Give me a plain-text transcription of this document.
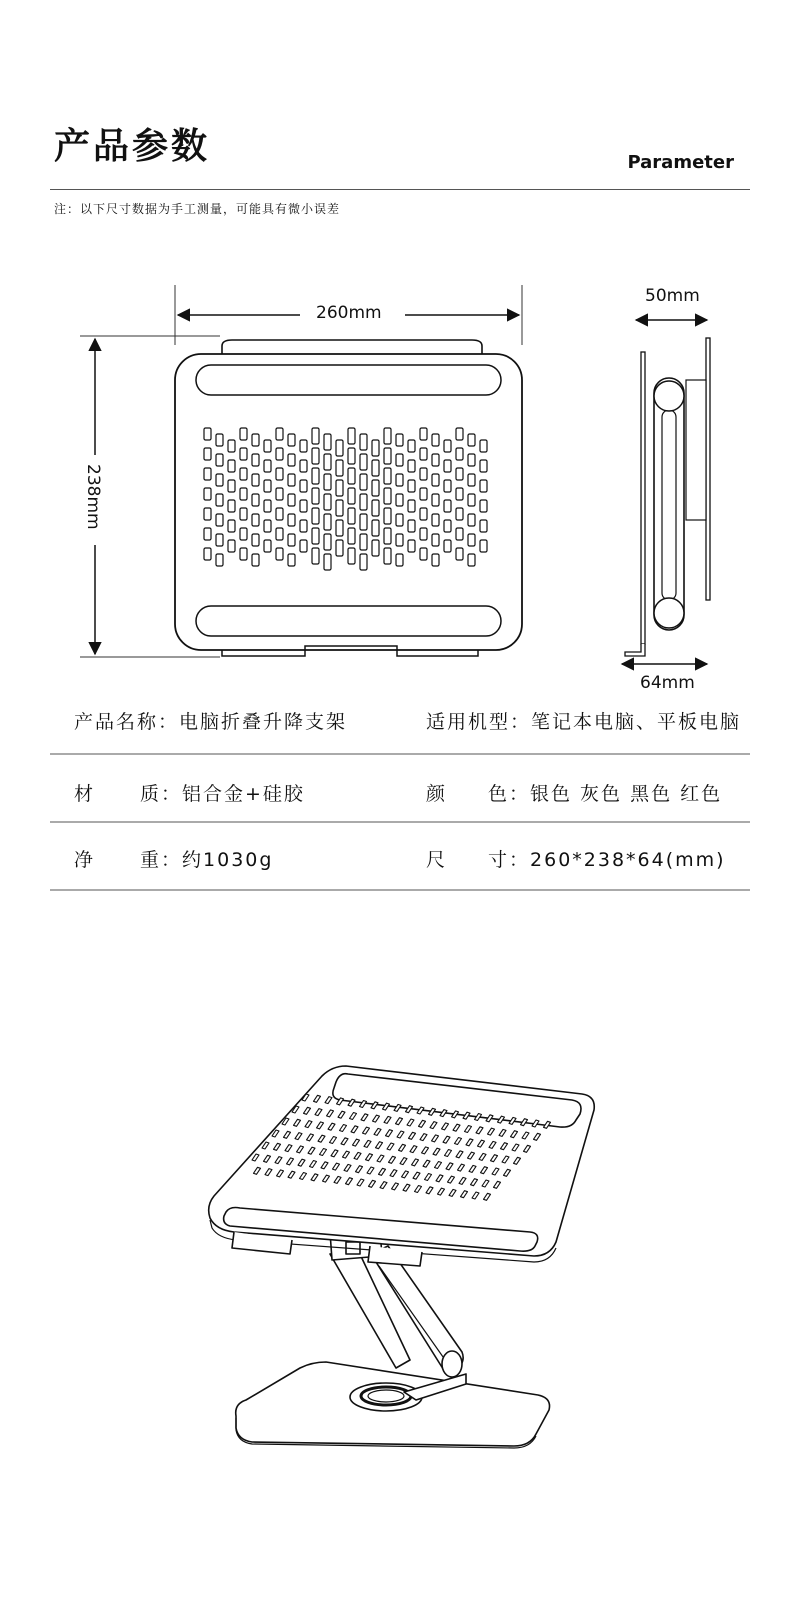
产品参数	Parameter
注：以下尺寸数据为手工测量，可能具有微小误差
260mm
238mm
50mm
64mm
产品名称：电脑折叠升降支架	适用机型：笔记本电脑、平板电脑
材 质：铝合金+硅胶	颜 色：银色 灰色 黑色 红色
净 重：约1030g	尺 寸：260*238*64(mm)
